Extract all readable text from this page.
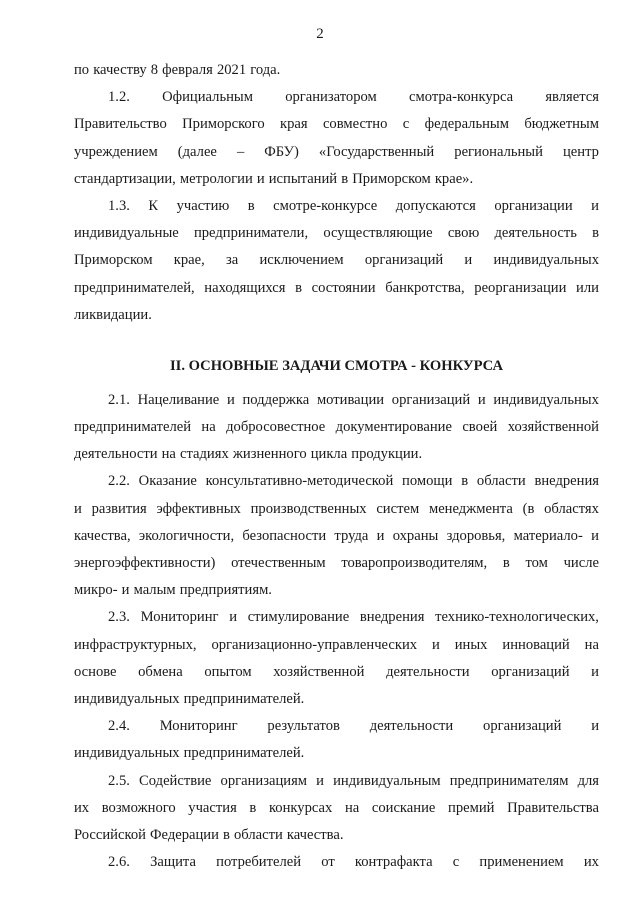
2
по качеству 8 февраля 2021 года.
1.2. Официальным организатором смотра-конкурса является
Правительство Приморского края совместно с федеральным бюджетным
учреждением (далее – ФБУ) «Государственный региональный центр
стандартизации, метрологии и испытаний в Приморском крае».
1.3. К участию в смотре-конкурсе допускаются организации и
индивидуальные предприниматели, осуществляющие свою деятельность в
Приморском крае, за исключением организаций и индивидуальных
предпринимателей, находящихся в состоянии банкротства, реорганизации или
ликвидации.
II. ОСНОВНЫЕ ЗАДАЧИ СМОТРА - КОНКУРСА
2.1. Нацеливание и поддержка мотивации организаций и индивидуальных
предпринимателей на добросовестное документирование своей хозяйственной
деятельности на стадиях жизненного цикла продукции.
2.2. Оказание консультативно-методической помощи в области внедрения
и развития эффективных производственных систем менеджмента (в областях
качества, экологичности, безопасности труда и охраны здоровья, материало- и
энергоэффективности) отечественным товаропроизводителям, в том числе
микро- и малым предприятиям.
2.3. Мониторинг и стимулирование внедрения технико-технологических,
инфраструктурных, организационно-управленческих и иных инноваций на
основе обмена опытом хозяйственной деятельности организаций и
индивидуальных предпринимателей.
2.4. Мониторинг результатов деятельности организаций и
индивидуальных предпринимателей.
2.5. Содействие организациям и индивидуальным предпринимателям для
их возможного участия в конкурсах на соискание премий Правительства
Российской Федерации в области качества.
2.6. Защита потребителей от контрафакта с применением их
